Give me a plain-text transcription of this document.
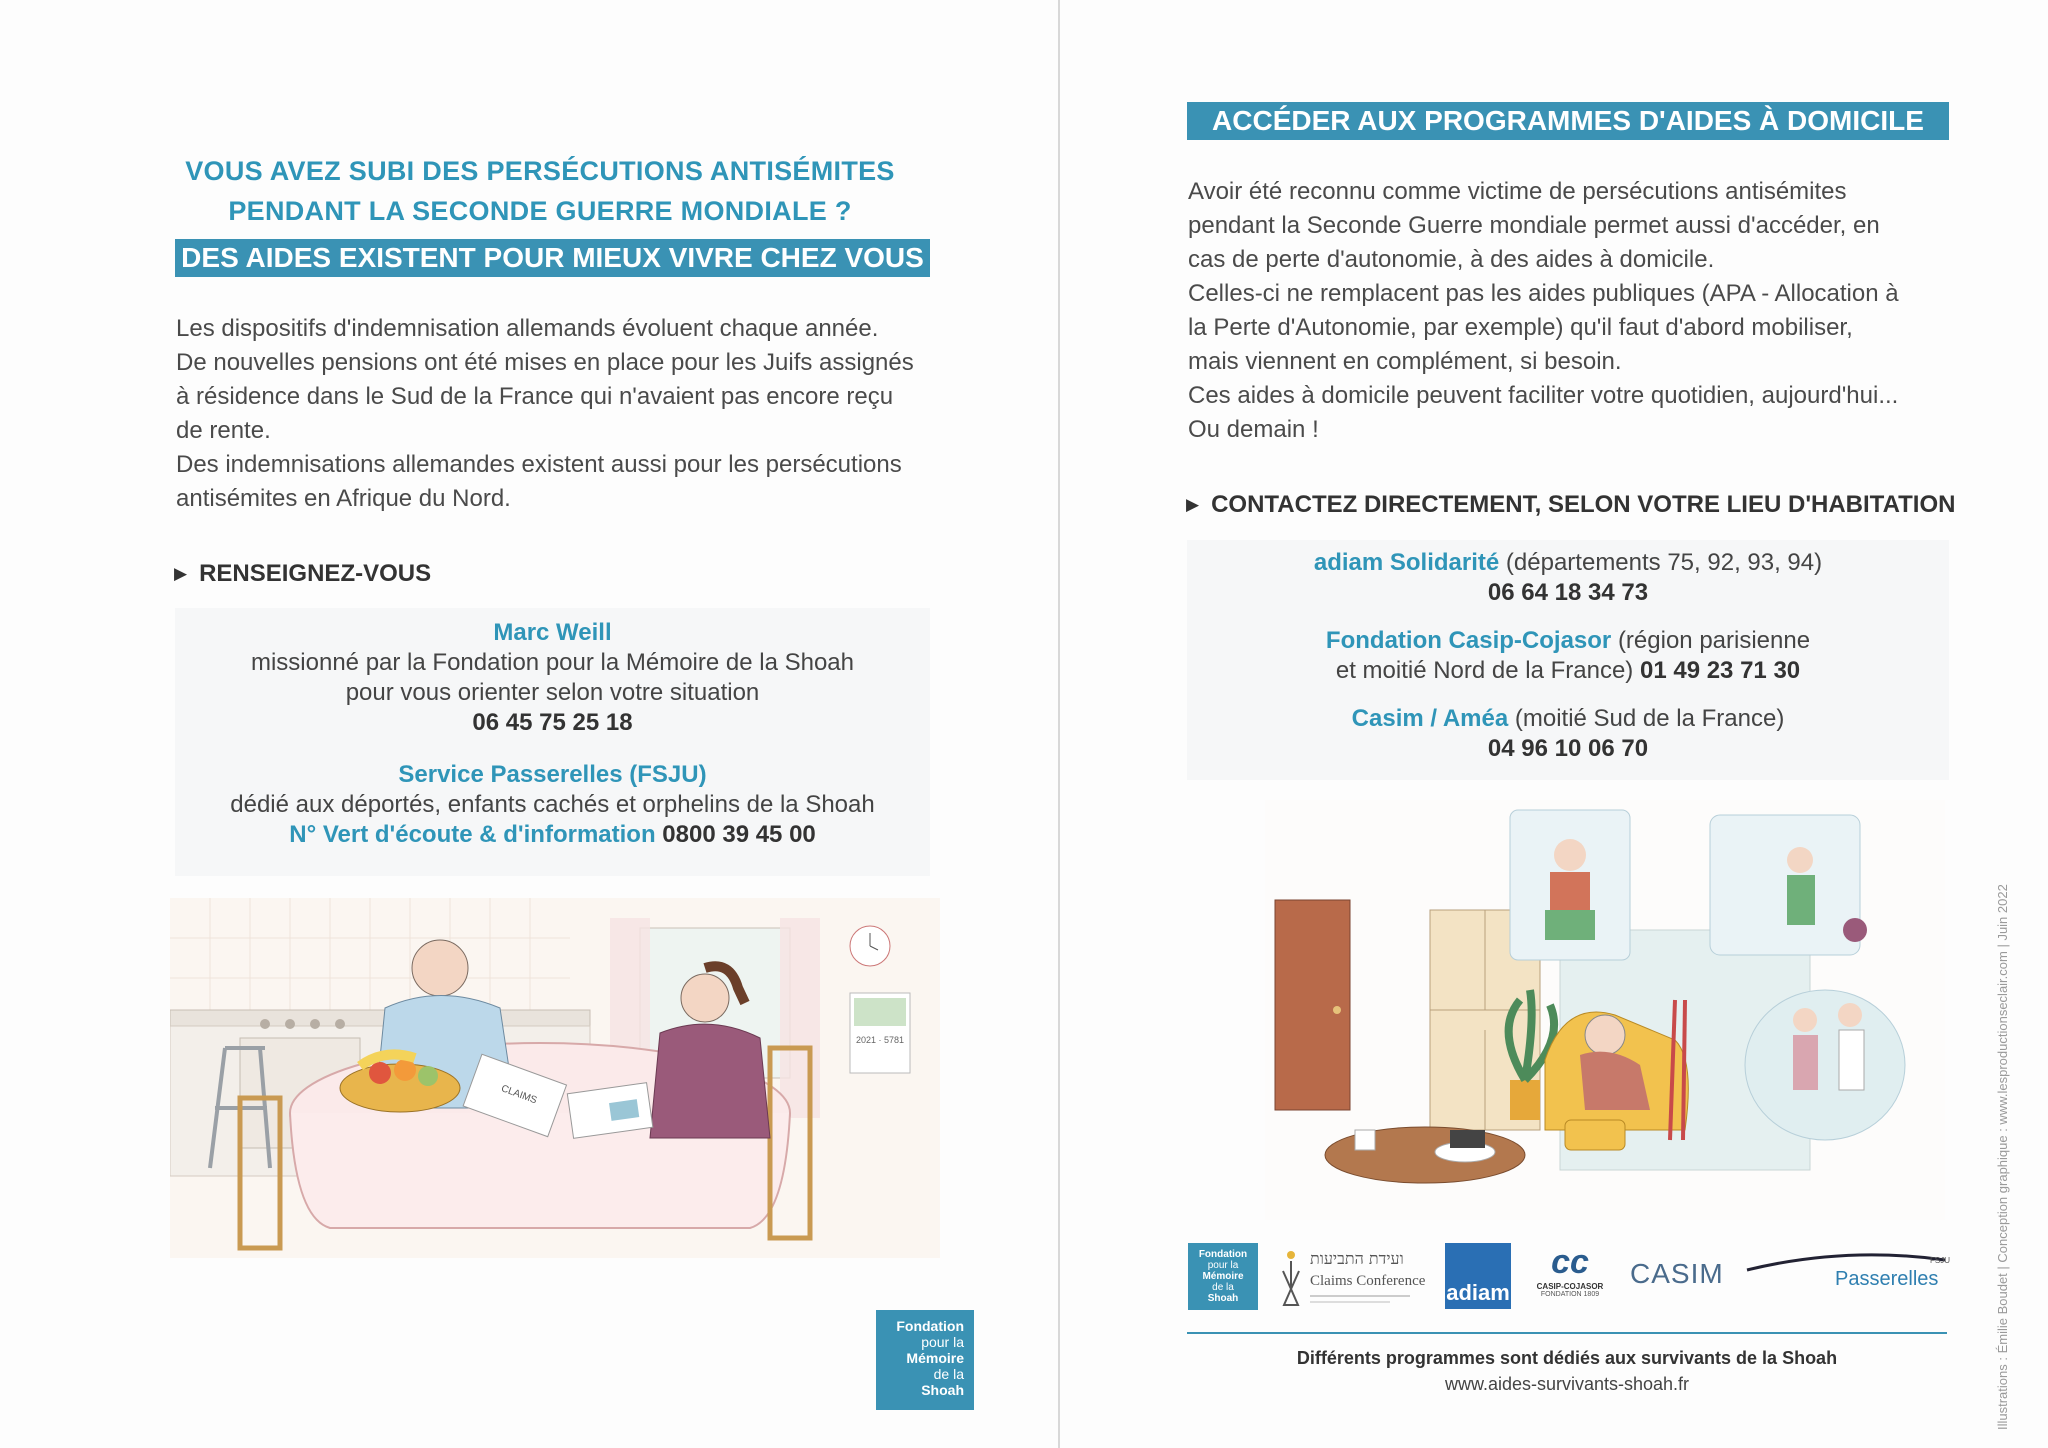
VOUS AVEZ SUBI DES PERSÉCUTIONS ANTISÉMITES
PENDANT LA SECONDE GUERRE MONDIALE ?
DES AIDES EXISTENT POUR MIEUX VIVRE CHEZ VOUS
Les dispositifs d'indemnisation allemands évoluent chaque année.
De nouvelles pensions ont été mises en place pour les Juifs assignés
à résidence dans le Sud de la France qui n'avaient pas encore reçu
de rente.
Des indemnisations allemandes existent aussi pour les persécutions
antisémites en Afrique du Nord.
▶ RENSEIGNEZ-VOUS
Marc Weill
missionné par la Fondation pour la Mémoire de la Shoah
pour vous orienter selon votre situation
06 45 75 25 18
Service Passerelles (FSJU)
dédié aux déportés, enfants cachés et orphelins de la Shoah
N° Vert d'écoute & d'information 0800 39 45 00
2021 · 5781
CLAIMS
Fondation
pour la
Mémoire
de la
Shoah
ACCÉDER AUX PROGRAMMES D'AIDES À DOMICILE
Avoir été reconnu comme victime de persécutions antisémites
pendant la Seconde Guerre mondiale permet aussi d'accéder, en
cas de perte d'autonomie, à des aides à domicile.
Celles-ci ne remplacent pas les aides publiques (APA - Allocation à
la Perte d'Autonomie, par exemple) qu'il faut d'abord mobiliser,
mais viennent en complément, si besoin.
Ces aides à domicile peuvent faciliter votre quotidien, aujourd'hui...
Ou demain !
▶ CONTACTEZ DIRECTEMENT, SELON VOTRE LIEU D'HABITATION
adiam Solidarité (départements 75, 92, 93, 94)
06 64 18 34 73
Fondation Casip-Cojasor (région parisienne
et moitié Nord de la France) 01 49 23 71 30
Casim / Améa (moitié Sud de la France)
04 96 10 06 70
Fondation
pour la
Mémoire
de la
Shoah
ועידת התביעות
Claims Conference adiam
cc
CASIP-COJASOR
FONDATION 1809
CASIM	FSJU
Passerelles
Différents programmes sont dédiés aux survivants de la Shoah
www.aides-survivants-shoah.fr	Illustrations : Émilie Boudet | Conception graphique : www.lesproductionseclair.com | Juin 2022
